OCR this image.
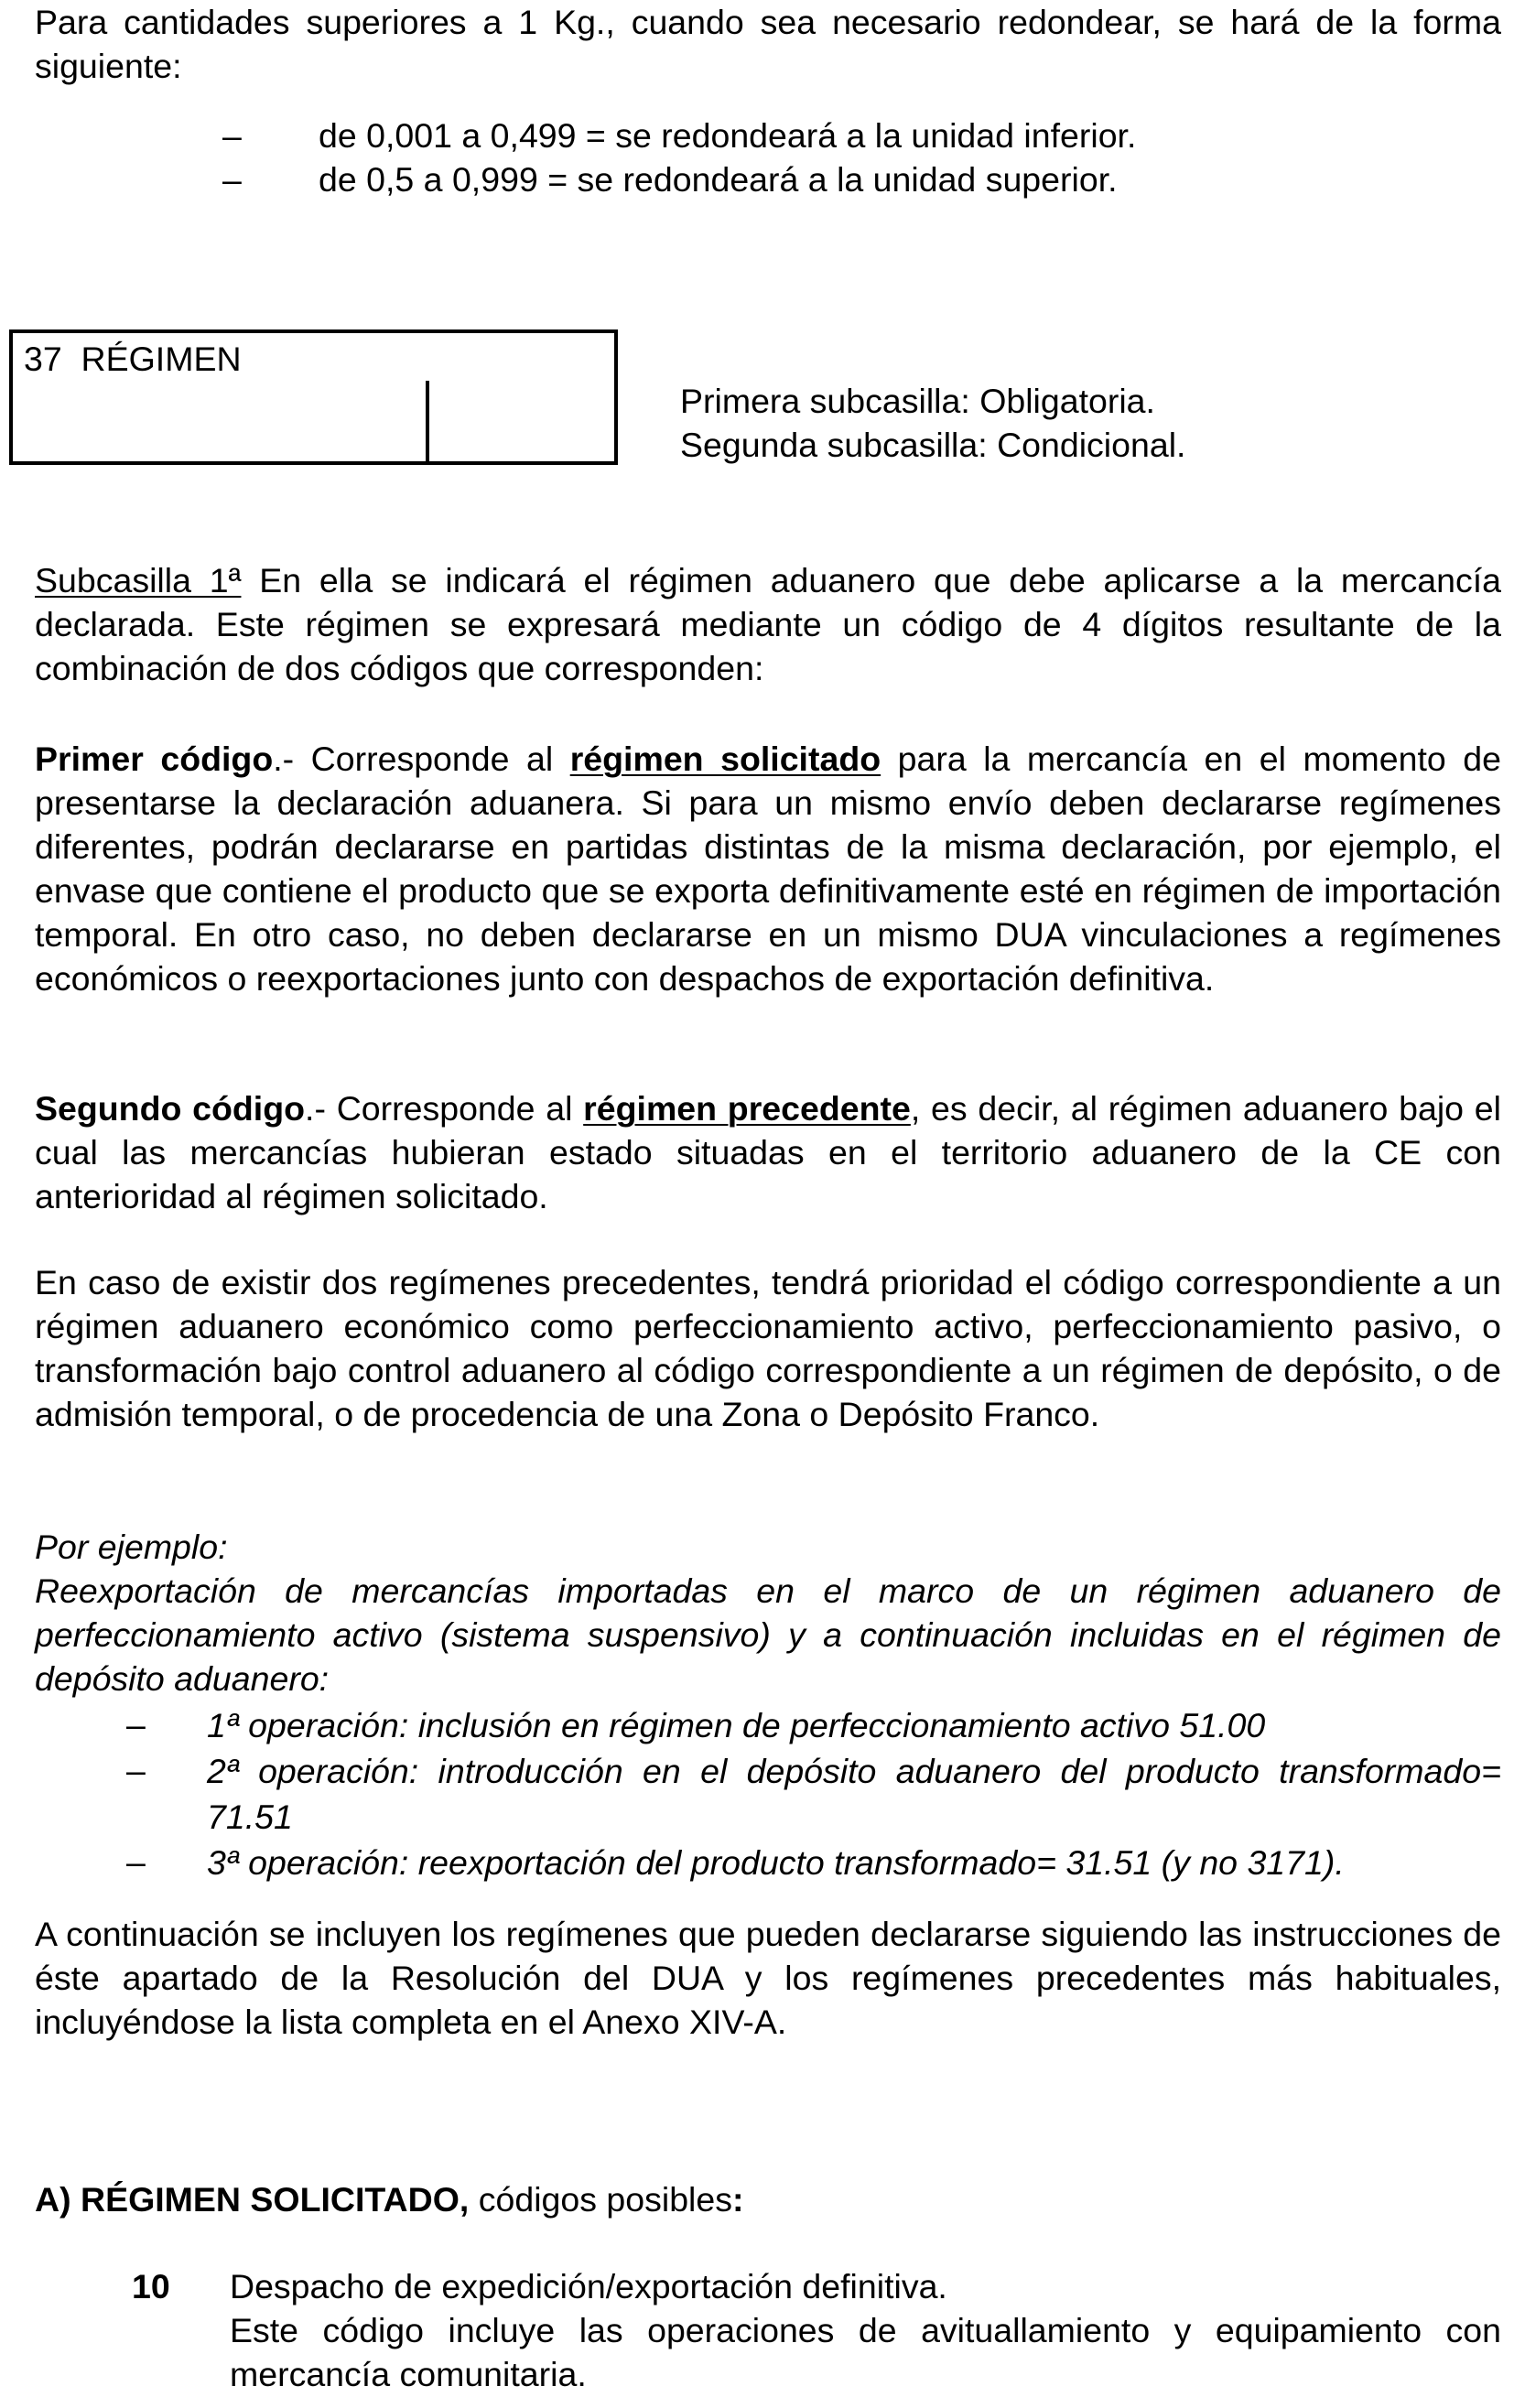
Para cantidades superiores a 1 Kg., cuando sea necesario redondear, se hará de la forma siguiente:

– de 0,001 a 0,499 = se redondeará a la unidad inferior.
– de 0,5 a 0,999 = se redondeará a la unidad superior.
37  RÉGIMEN
Primera subcasilla: Obligatoria.
Segunda subcasilla: Condicional.

Subcasilla 1ª En ella se indicará el régimen aduanero que debe aplicarse a la mercancía declarada. Este régimen se expresará mediante un código de 4 dígitos resultante de la combinación de dos códigos que corresponden:

Primer código.- Corresponde al régimen solicitado para la mercancía en el momento de presentarse la declaración aduanera. Si para un mismo envío deben declararse regímenes diferentes, podrán declararse en partidas distintas de la misma declaración, por ejemplo, el envase que contiene el producto que se exporta definitivamente esté en régimen de importación temporal. En otro caso, no deben declararse en un mismo DUA vinculaciones a regímenes económicos o reexportaciones junto con despachos de exportación definitiva.

Segundo código.- Corresponde al régimen precedente, es decir, al régimen aduanero bajo el cual las mercancías hubieran estado situadas en el territorio aduanero de la CE con anterioridad al régimen solicitado.

En caso de existir dos regímenes precedentes, tendrá prioridad el código correspondiente a un régimen aduanero económico como perfeccionamiento activo, perfeccionamiento pasivo, o transformación bajo control aduanero al código correspondiente a un régimen de depósito, o de admisión temporal, o de procedencia de una Zona o Depósito Franco.

Por ejemplo:

Reexportación de mercancías importadas en el marco de un régimen aduanero de perfeccionamiento activo (sistema suspensivo) y a continuación incluidas en el régimen de depósito aduanero:

– 1ª operación: inclusión en régimen de perfeccionamiento activo 51.00

– 2ª operación: introducción en el depósito aduanero del producto transformado= 71.51

– 3ª operación: reexportación del producto transformado= 31.51 (y no 3171).

A continuación se incluyen los regímenes que pueden declararse siguiendo las instrucciones de éste apartado de la Resolución del DUA y los regímenes precedentes más habituales, incluyéndose la lista completa en el Anexo XIV-A.

A) RÉGIMEN SOLICITADO, códigos posibles:

10 Despacho de expedición/exportación definitiva.

Este código incluye las operaciones de avituallamiento y equipamiento con mercancía comunitaria.
